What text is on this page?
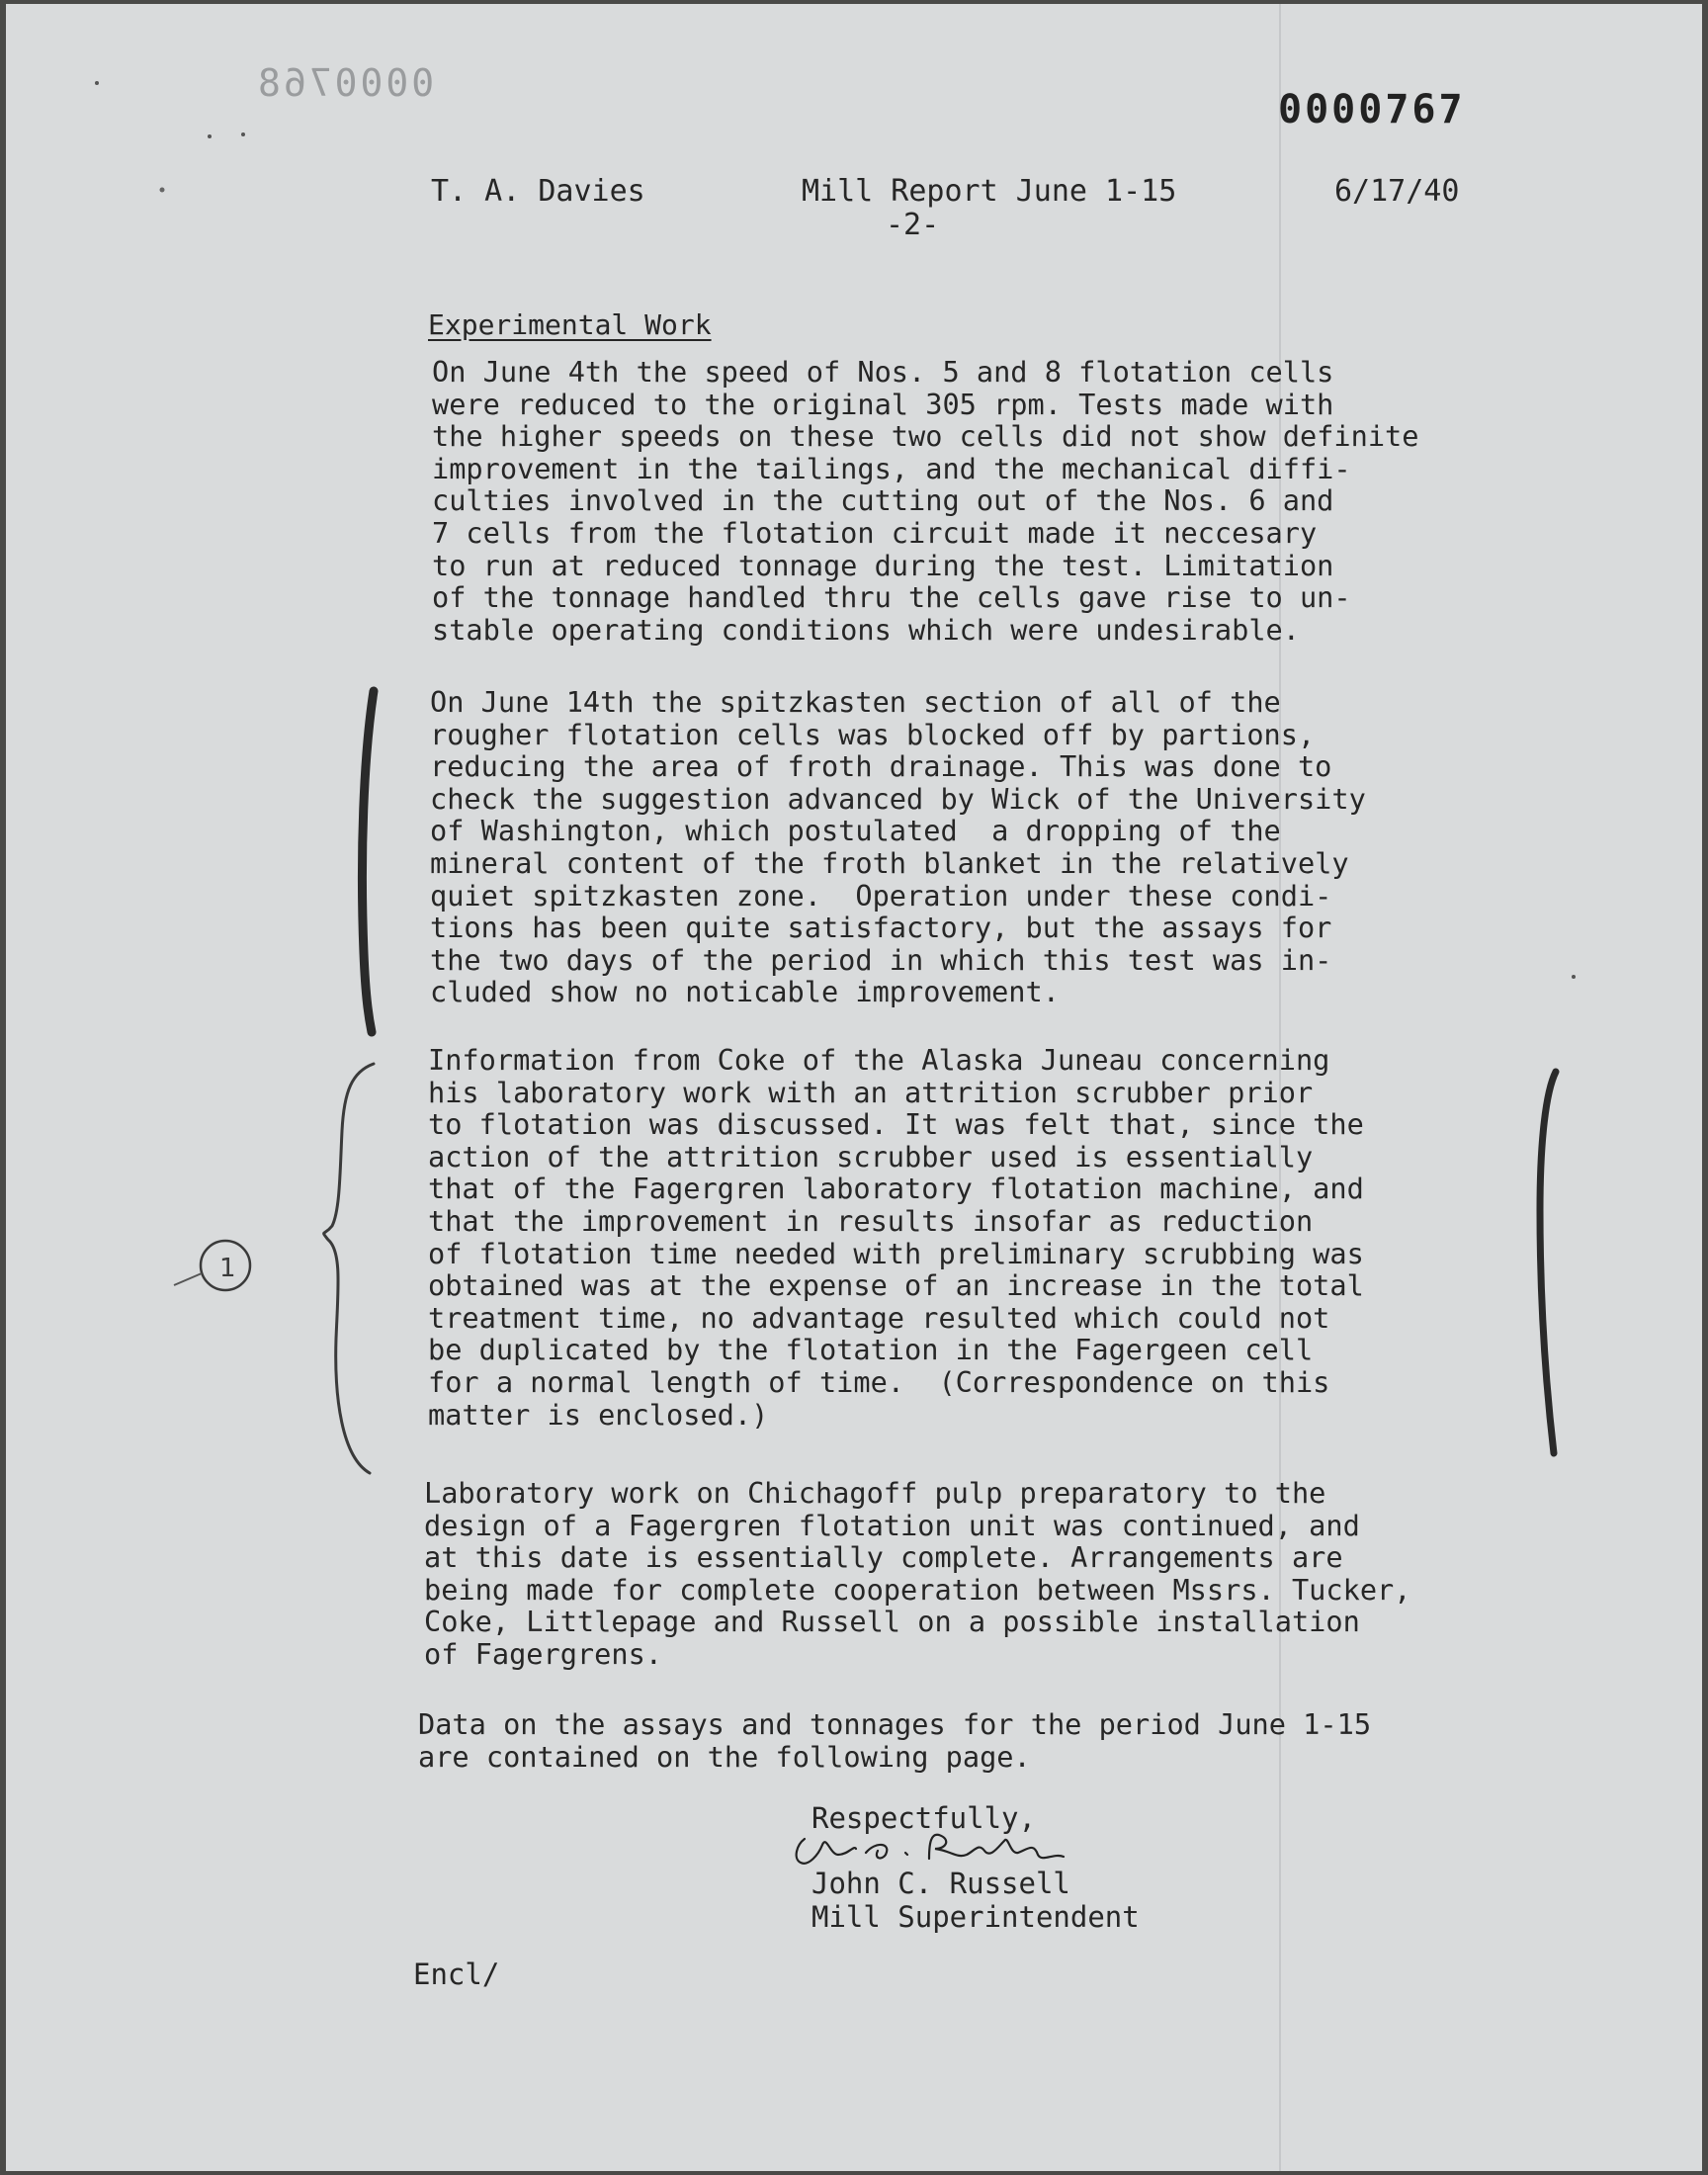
0000768
0000767
T. A. Davies	Mill Report June 1-15	6/17/40
-2-
Experimental Work
On June 4th the speed of Nos. 5 and 8 flotation cells
were reduced to the original 305 rpm. Tests made with
the higher speeds on these two cells did not show definite
improvement in the tailings, and the mechanical diffi-
culties involved in the cutting out of the Nos. 6 and
7 cells from the flotation circuit made it neccesary
to run at reduced tonnage during the test. Limitation
of the tonnage handled thru the cells gave rise to un-
stable operating conditions which were undesirable.
On June 14th the spitzkasten section of all of the
rougher flotation cells was blocked off by partions,
reducing the area of froth drainage. This was done to
check the suggestion advanced by Wick of the University
of Washington, which postulated  a dropping of the
mineral content of the froth blanket in the relatively
quiet spitzkasten zone.  Operation under these condi-
tions has been quite satisfactory, but the assays for
the two days of the period in which this test was in-
cluded show no noticable improvement.
Information from Coke of the Alaska Juneau concerning
his laboratory work with an attrition scrubber prior
to flotation was discussed. It was felt that, since the
action of the attrition scrubber used is essentially
that of the Fagergren laboratory flotation machine, and
that the improvement in results insofar as reduction
of flotation time needed with preliminary scrubbing was
obtained was at the expense of an increase in the total
treatment time, no advantage resulted which could not
be duplicated by the flotation in the Fagergeen cell
for a normal length of time.  (Correspondence on this
matter is enclosed.)
Laboratory work on Chichagoff pulp preparatory to the
design of a Fagergren flotation unit was continued, and
at this date is essentially complete. Arrangements are
being made for complete cooperation between Mssrs. Tucker,
Coke, Littlepage and Russell on a possible installation
of Fagergrens.
Data on the assays and tonnages for the period June 1-15
are contained on the following page.
Respectfully,
John C. Russell
Mill Superintendent
Encl/
1
